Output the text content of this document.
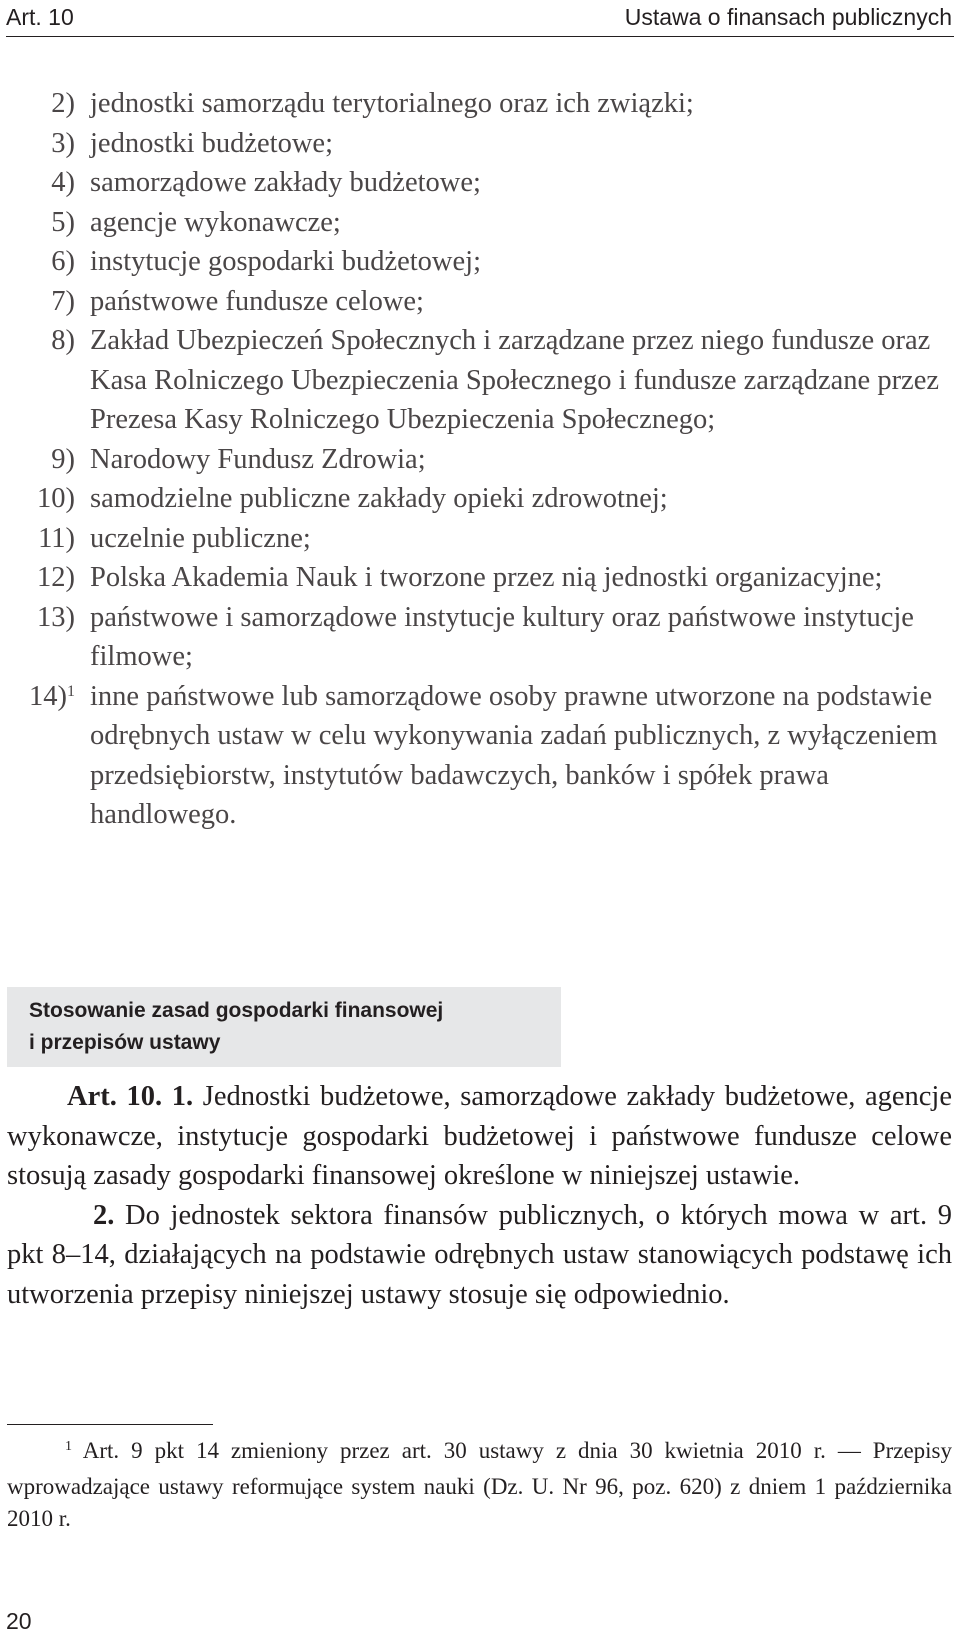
Art. 10	Ustawa o finansach publicznych
2) jednostki samorządu terytorialnego oraz ich związki;
3) jednostki budżetowe;
4) samorządowe zakłady budżetowe;
5) agencje wykonawcze;
6) instytucje gospodarki budżetowej;
7) państwowe fundusze celowe;
8) Zakład Ubezpieczeń Społecznych i zarządzane przez niego fundusze oraz Kasa Rolniczego Ubezpieczenia Społecznego i fundusze zarządzane przez Prezesa Kasy Rolniczego Ubezpieczenia Społecznego;
9) Narodowy Fundusz Zdrowia;
10) samodzielne publiczne zakłady opieki zdrowotnej;
11) uczelnie publiczne;
12) Polska Akademia Nauk i tworzone przez nią jednostki organizacyjne;
13) państwowe i samorządowe instytucje kultury oraz państwowe instytucje filmowe;
14)$^1$ inne państwowe lub samorządowe osoby prawne utworzone na podstawie odrębnych ustaw w celu wykonywania zadań publicznych, z wyłączeniem przedsiębiorstw, instytutów badawczych, banków i spółek prawa handlowego.
Stosowanie zasad gospodarki finansowej
i przepisów ustawy

Art. 10. 1. Jednostki budżetowe, samorządowe zakłady budżetowe, agencje wykonawcze, instytucje gospodarki budżetowej i państwowe fundusze celowe stosują zasady gospodarki finansowej określone w niniejszej ustawie.

2. Do jednostek sektora finansów publicznych, o których mowa w art. 9 pkt 8–14, działających na podstawie odrębnych ustaw stanowiących podstawę ich utworzenia przepisy niniejszej ustawy stosuje się odpowiednio.

$^1$ Art. 9 pkt 14 zmieniony przez art. 30 ustawy z dnia 30 kwietnia 2010 r. — Przepisy wprowadzające ustawy reformujące system nauki (Dz. U. Nr 96, poz. 620) z dniem 1 października 2010 r.

20
